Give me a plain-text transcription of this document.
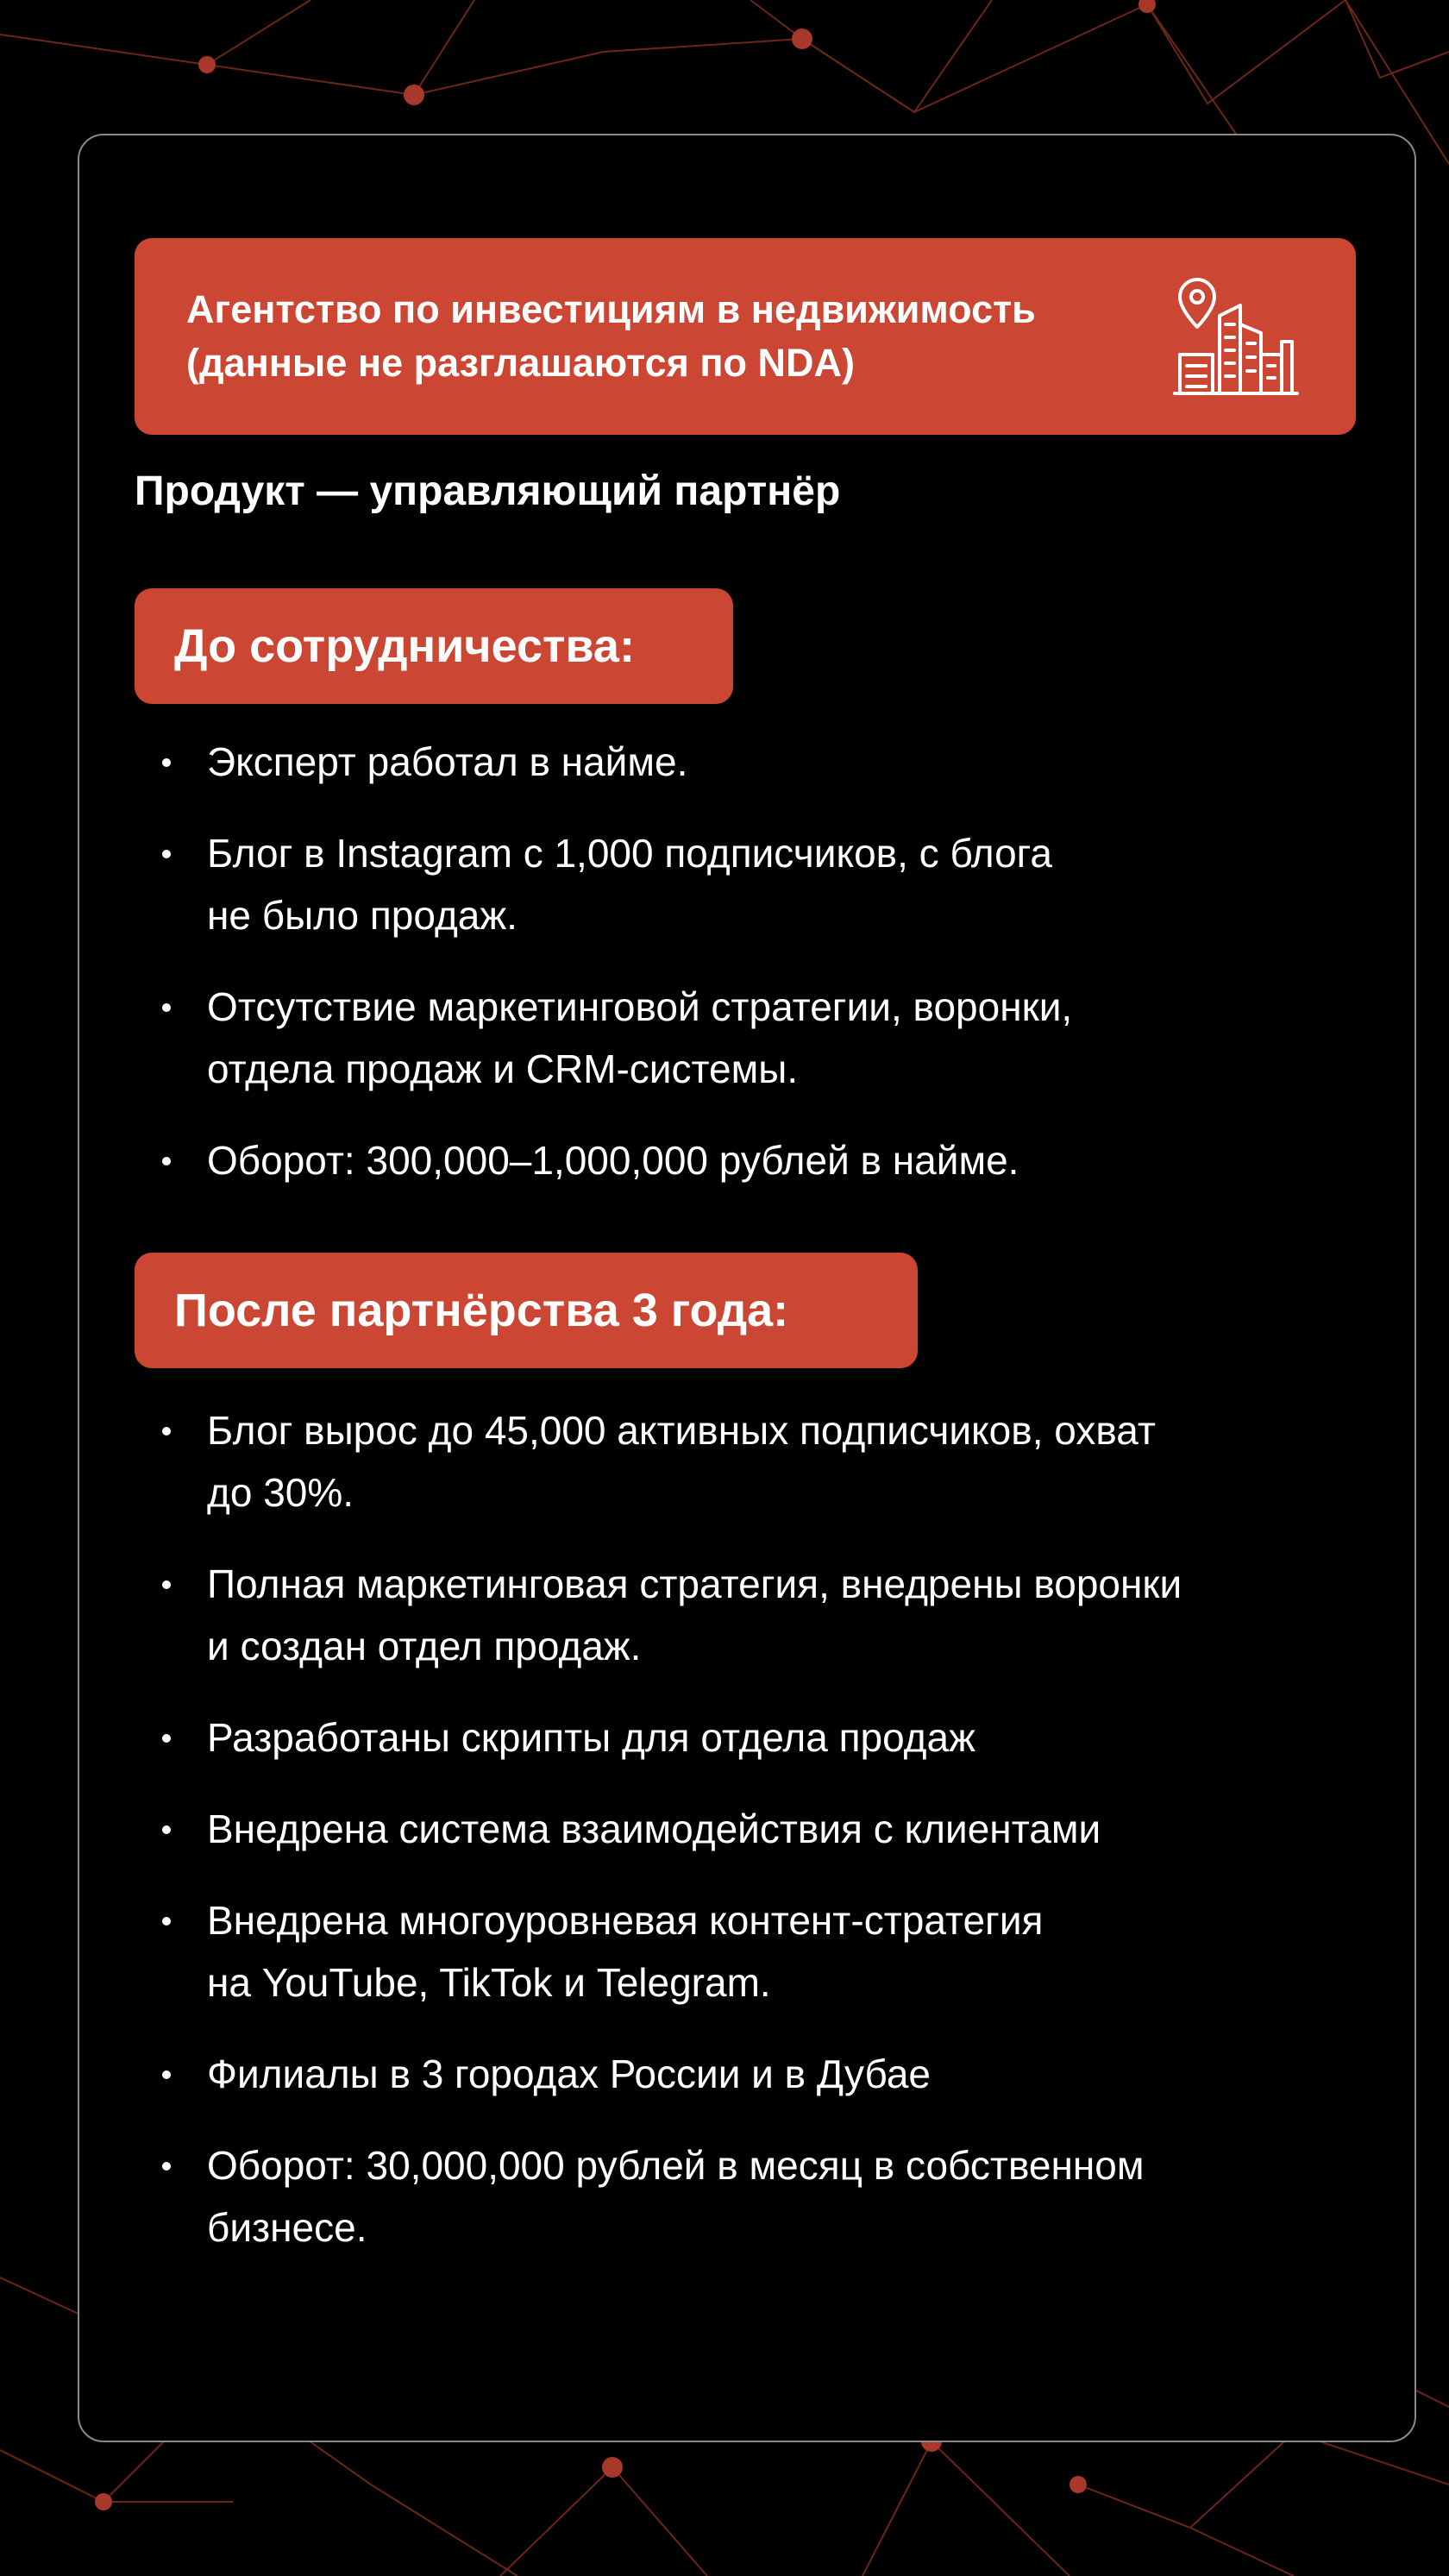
Агентство по инвестициям в недвижимость
(данные не разглашаются по NDA)
Продукт — управляющий партнёр
До сотрудничества:
Эксперт работал в найме.
Блог в Instagram с 1,000 подписчиков, с блога
не было продаж.
Отсутствие маркетинговой стратегии, воронки,
отдела продаж и CRM-системы.
Оборот: 300,000–1,000,000 рублей в найме.
После партнёрства 3 года:
Блог вырос до 45,000 активных подписчиков, охват
до 30%.
Полная маркетинговая стратегия, внедрены воронки
и создан отдел продаж.
Разработаны скрипты для отдела продаж
Внедрена система взаимодействия с клиентами
Внедрена многоуровневая контент-стратегия
на YouTube, TikTok и Telegram.
Филиалы в 3 городах России и в Дубае
Оборот: 30,000,000 рублей в месяц в собственном
бизнесе.
